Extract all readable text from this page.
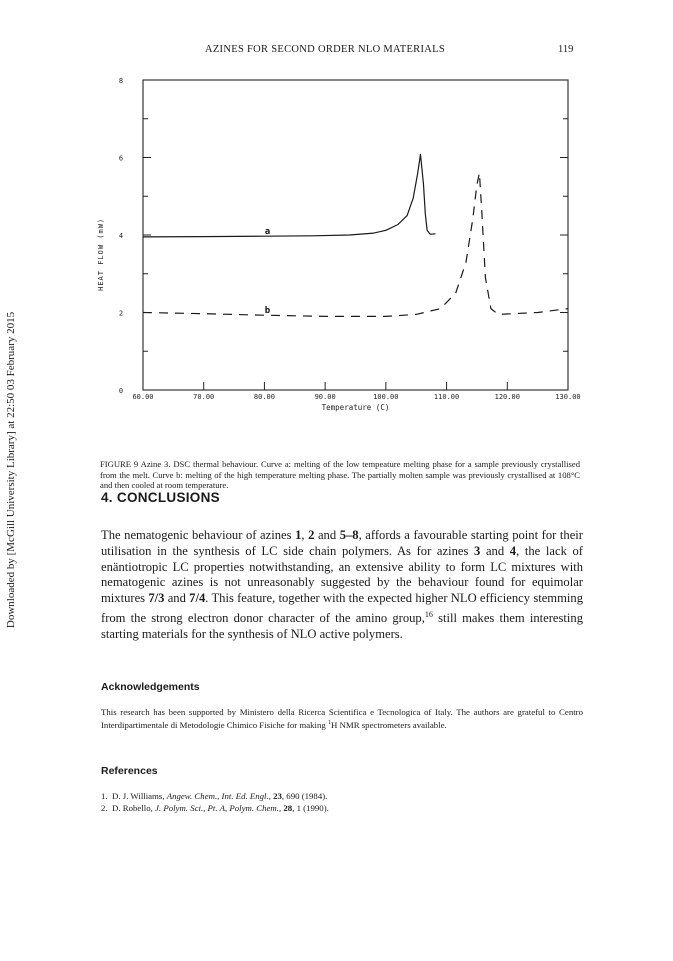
AZINES FOR SECOND ORDER NLO MATERIALS	119
Downloaded by [McGill University Library] at 22:50 03 February 2015	0
2
4
6
8
60.00	70.00	80.00	90.00	100.00	110.00	120.00	130.00
Temperature (C)
HEAT FLOW (mW)	a
b
FIGURE 9 Azine 3. DSC thermal behaviour. Curve a: melting of the low tempeature melting phase for a sample previously crystallised from the melt. Curve b: melting of the high temperature melting phase. The partially molten sample was previously crystallised at 108°C and then cooled at room temperature.
4. CONCLUSIONS

The nematogenic behaviour of azines 1, 2 and 5–8, affords a favourable starting point for their utilisation in the synthesis of LC side chain polymers. As for azines 3 and 4, the lack of enäntiotropic LC properties notwithstanding, an extensive ability to form LC mixtures with nematogenic azines is not unreasonably suggested by the behaviour found for equimolar mixtures 7/3 and 7/4. This feature, together with the expected higher NLO efficiency stemming from the strong electron donor character of the amino group,$^{16}$ still makes them interesting starting materials for the synthesis of NLO active polymers.

Acknowledgements

This research has been supported by Ministero della Ricerca Scientifica e Tecnologica of Italy. The authors are grateful to Centro Interdipartimentale di Metodologie Chimico Fisiche for making $^1$H NMR spectrometers available.

References
1. D. J. Williams, Angew. Chem., Int. Ed. Engl., 23, 690 (1984).
2. D. Robello, J. Polym. Sci., Pt. A, Polym. Chem., 28, 1 (1990).
